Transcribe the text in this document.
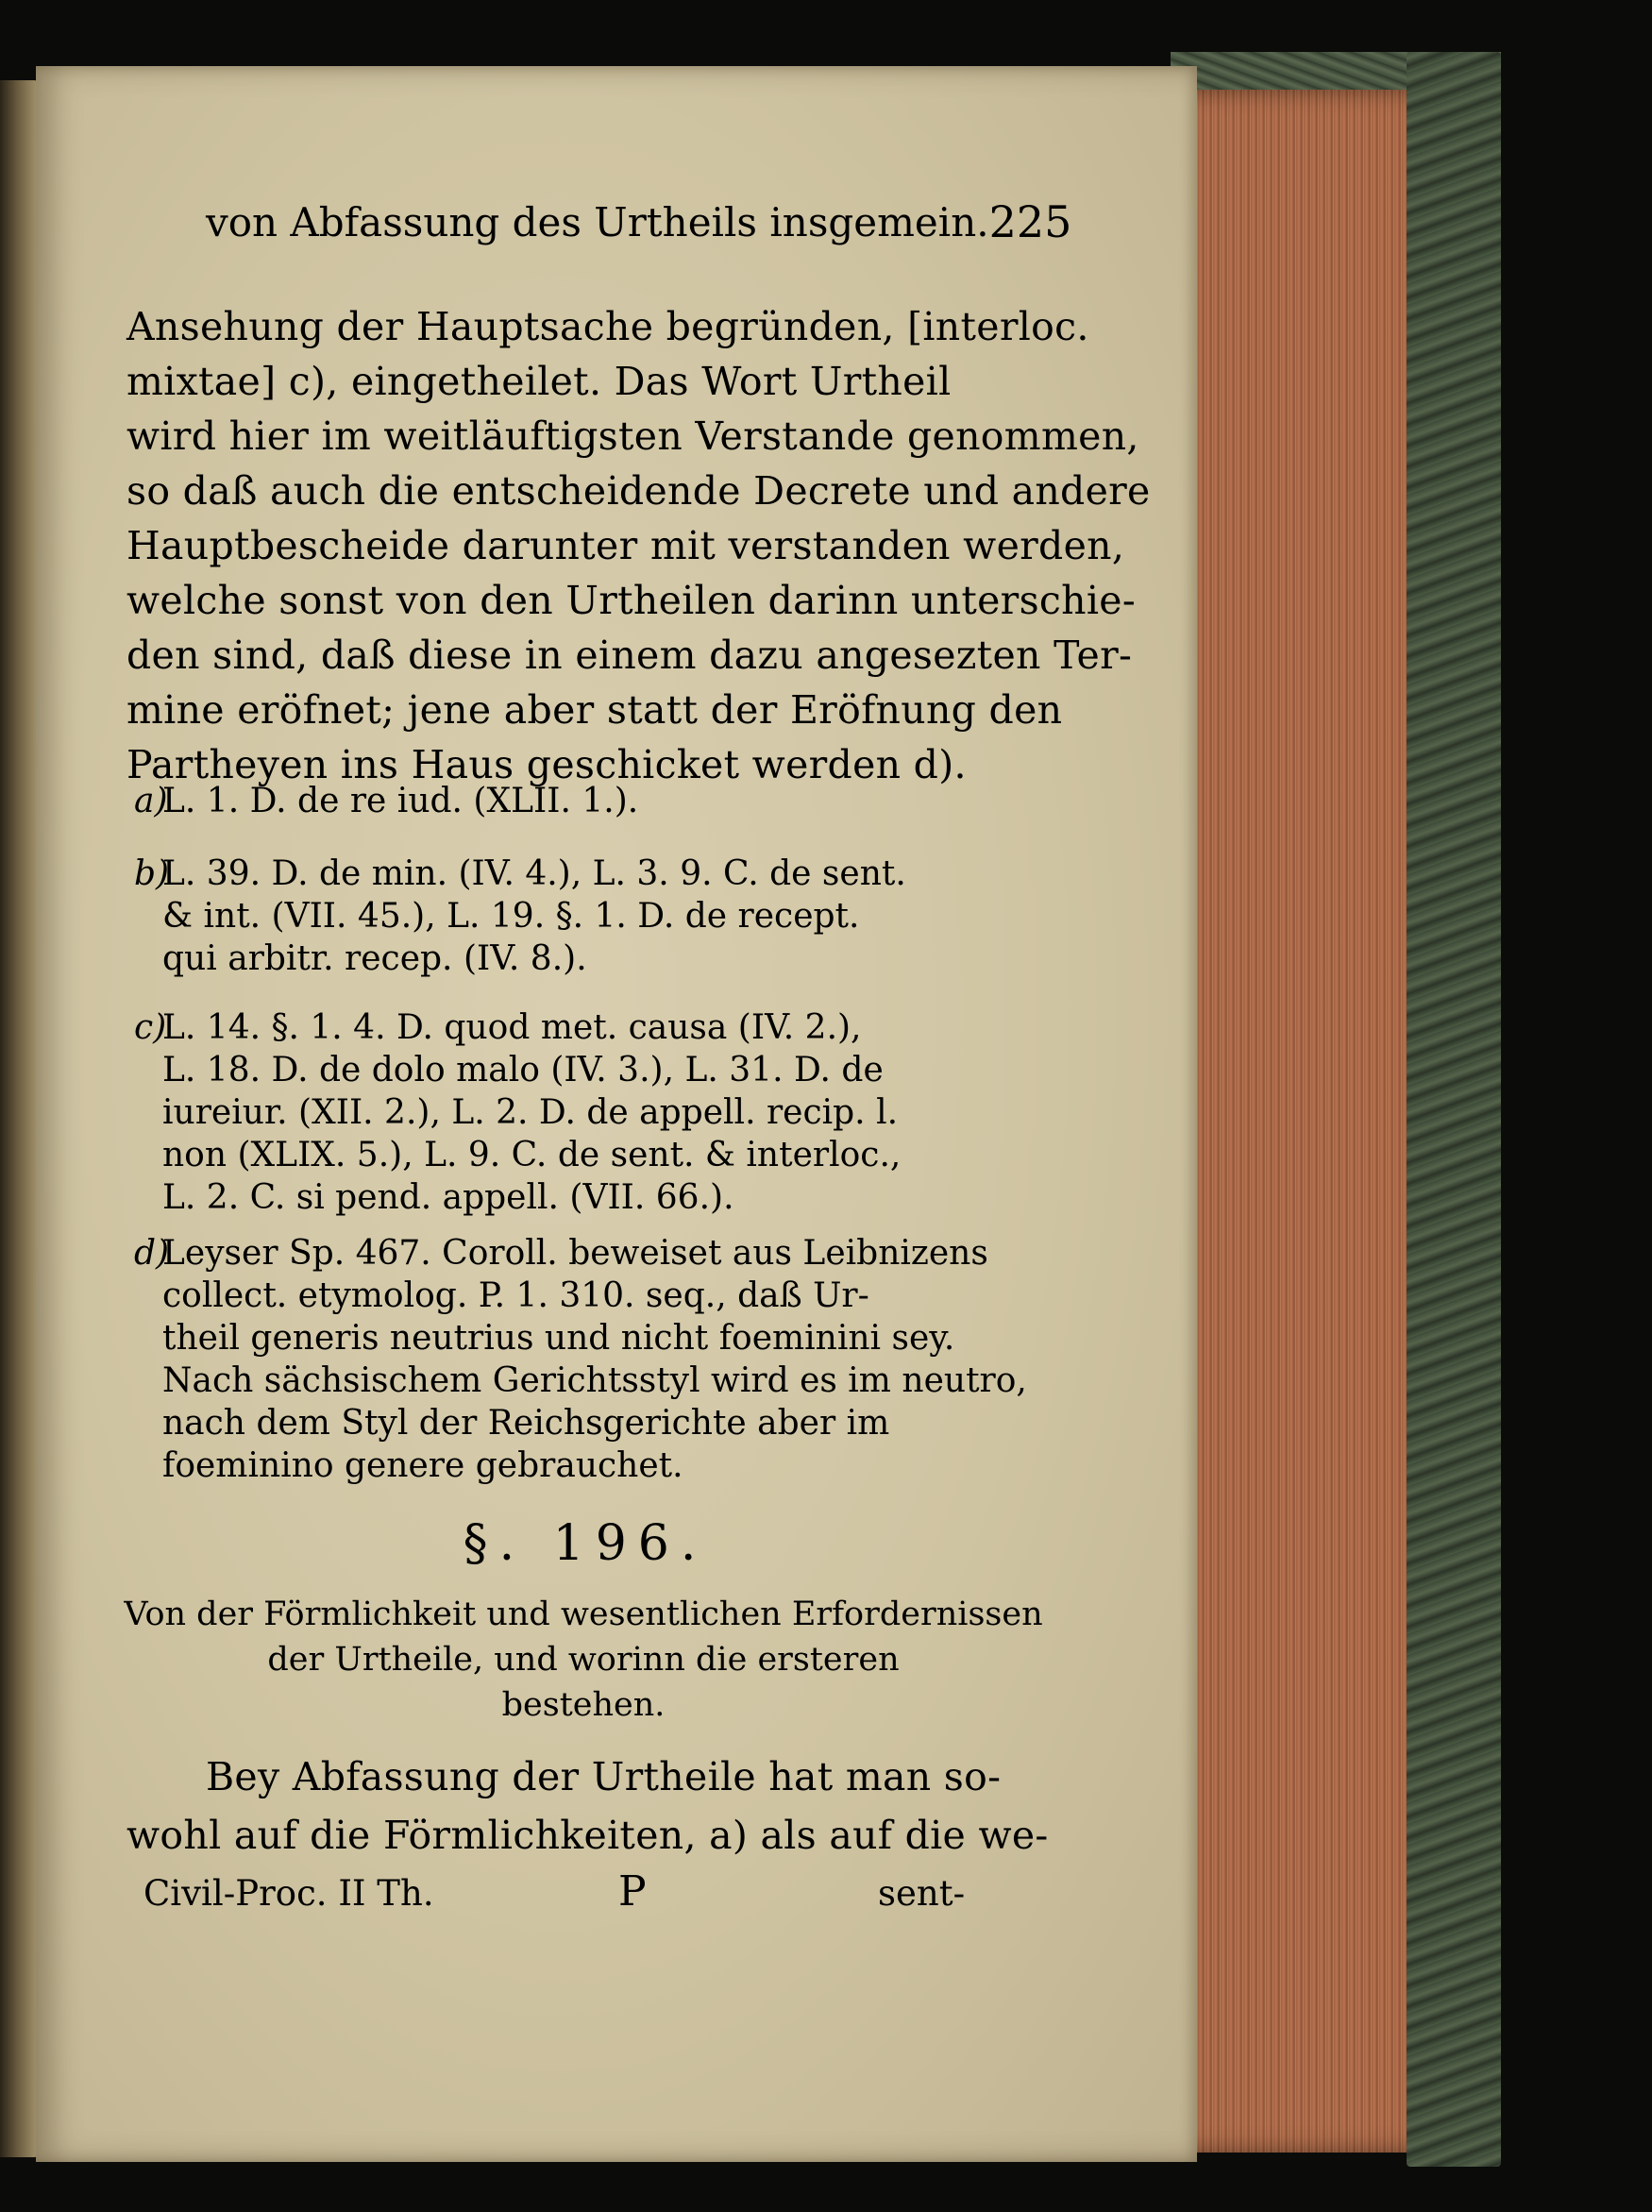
von Abfassung des Urtheils insgemein. 225
Ansehung der Hauptsache begründen, [interloc.
mixtae] c), eingetheilet. Das Wort Urtheil
wird hier im weitläuftigsten Verstande genommen,
so daß auch die entscheidende Decrete und andere
Hauptbescheide darunter mit verstanden werden,
welche sonst von den Urtheilen darinn unterschie-
den sind, daß diese in einem dazu angesezten Ter-
mine eröfnet; jene aber statt der Eröfnung den
Partheyen ins Haus geschicket werden d).
a)
L. 1. D. de re iud. (XLII. 1.).
b)
L. 39. D. de min. (IV. 4.), L. 3. 9. C. de sent.
& int. (VII. 45.), L. 19. §. 1. D. de recept.
qui arbitr. recep. (IV. 8.).
c)
L. 14. §. 1. 4. D. quod met. causa (IV. 2.),
L. 18. D. de dolo malo (IV. 3.), L. 31. D. de
iureiur. (XII. 2.), L. 2. D. de appell. recip. l.
non (XLIX. 5.), L. 9. C. de sent. & interloc.,
L. 2. C. si pend. appell. (VII. 66.).
d)
Leyser Sp. 467. Coroll. beweiset aus Leibnizens
collect. etymolog. P. 1. 310. seq., daß Ur-
theil generis neutrius und nicht foeminini sey.
Nach sächsischem Gerichtsstyl wird es im neutro,
nach dem Styl der Reichsgerichte aber im
foeminino genere gebrauchet.
§. 196.
Von der Förmlichkeit und wesentlichen Erfordernissen
der Urtheile, und worinn die ersteren
bestehen.
Bey Abfassung der Urtheile hat man so-
wohl auf die Förmlichkeiten, a) als auf die we-
Civil-Proc. II Th.	P	sent-
